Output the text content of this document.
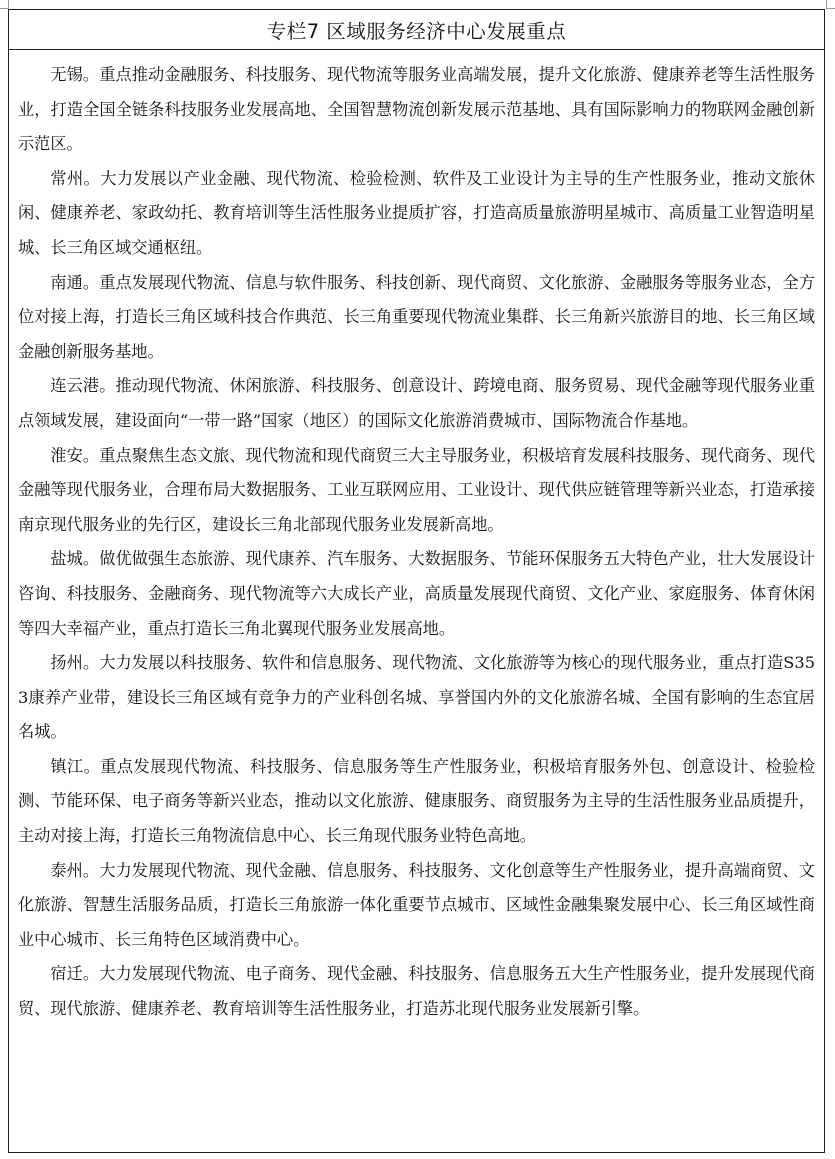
专栏7 区域服务经济中心发展重点

无锡。重点推动金融服务、科技服务、现代物流等服务业高端发展，提升文化旅游、健康养老等生活性服务业，打造全国全链条科技服务业发展高地、全国智慧物流创新发展示范基地、具有国际影响力的物联网金融创新示范区。

常州。大力发展以产业金融、现代物流、检验检测、软件及工业设计为主导的生产性服务业，推动文旅休闲、健康养老、家政幼托、教育培训等生活性服务业提质扩容，打造高质量旅游明星城市、高质量工业智造明星城、长三角区域交通枢纽。

南通。重点发展现代物流、信息与软件服务、科技创新、现代商贸、文化旅游、金融服务等服务业态，全方位对接上海，打造长三角区域科技合作典范、长三角重要现代物流业集群、长三角新兴旅游目的地、长三角区域金融创新服务基地。

连云港。推动现代物流、休闲旅游、科技服务、创意设计、跨境电商、服务贸易、现代金融等现代服务业重点领域发展，建设面向“一带一路”国家（地区）的国际文化旅游消费城市、国际物流合作基地。

淮安。重点聚焦生态文旅、现代物流和现代商贸三大主导服务业，积极培育发展科技服务、现代商务、现代金融等现代服务业，合理布局大数据服务、工业互联网应用、工业设计、现代供应链管理等新兴业态，打造承接南京现代服务业的先行区，建设长三角北部现代服务业发展新高地。

盐城。做优做强生态旅游、现代康养、汽车服务、大数据服务、节能环保服务五大特色产业，壮大发展设计咨询、科技服务、金融商务、现代物流等六大成长产业，高质量发展现代商贸、文化产业、家庭服务、体育休闲等四大幸福产业，重点打造长三角北翼现代服务业发展高地。

扬州。大力发展以科技服务、软件和信息服务、现代物流、文化旅游等为核心的现代服务业，重点打造S353康养产业带，建设长三角区域有竞争力的产业科创名城、享誉国内外的文化旅游名城、全国有影响的生态宜居名城。

镇江。重点发展现代物流、科技服务、信息服务等生产性服务业，积极培育服务外包、创意设计、检验检测、节能环保、电子商务等新兴业态，推动以文化旅游、健康服务、商贸服务为主导的生活性服务业品质提升，主动对接上海，打造长三角物流信息中心、长三角现代服务业特色高地。

泰州。大力发展现代物流、现代金融、信息服务、科技服务、文化创意等生产性服务业，提升高端商贸、文化旅游、智慧生活服务品质，打造长三角旅游一体化重要节点城市、区域性金融集聚发展中心、长三角区域性商业中心城市、长三角特色区域消费中心。

宿迁。大力发展现代物流、电子商务、现代金融、科技服务、信息服务五大生产性服务业，提升发展现代商贸、现代旅游、健康养老、教育培训等生活性服务业，打造苏北现代服务业发展新引擎。
